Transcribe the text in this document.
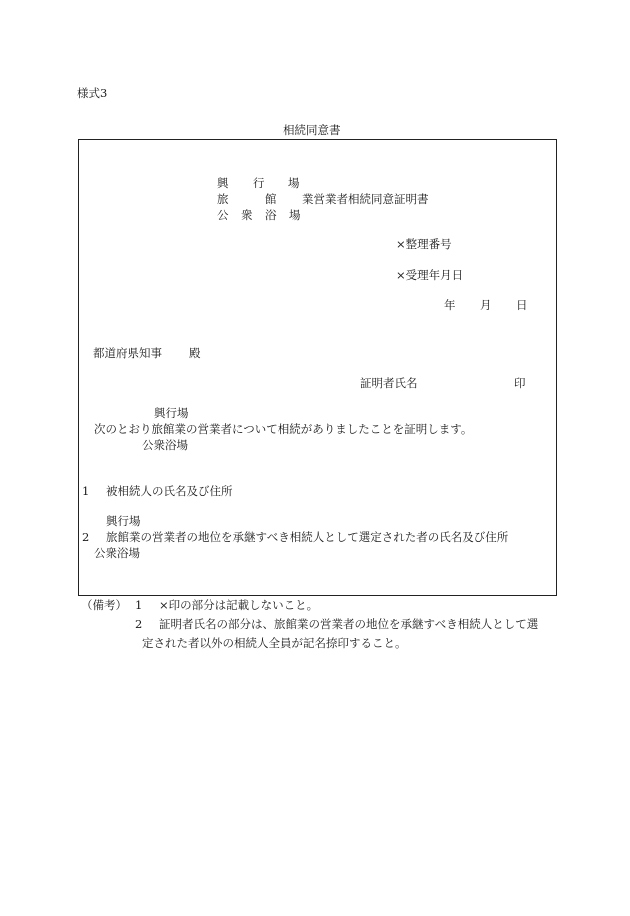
様式3
相続同意書
興 行 場
旅	館 業営業者相続同意証明書
公 衆 浴 場
×整理番号
×受理年月日
年 月 日
都道府県知事 殿
証明者氏名	印
興行場
次のとおり旅館業の営業者について相続がありましたことを証明します。
公衆浴場
1 被相続人の氏名及び住所
興行場
2 旅館業の営業者の地位を承継すべき相続人として選定された者の氏名及び住所
公衆浴場
（備考） 1 ×印の部分は記載しないこと。
2 証明者氏名の部分は、旅館業の営業者の地位を承継すべき相続人として選
定された者以外の相続人全員が記名捺印すること。
